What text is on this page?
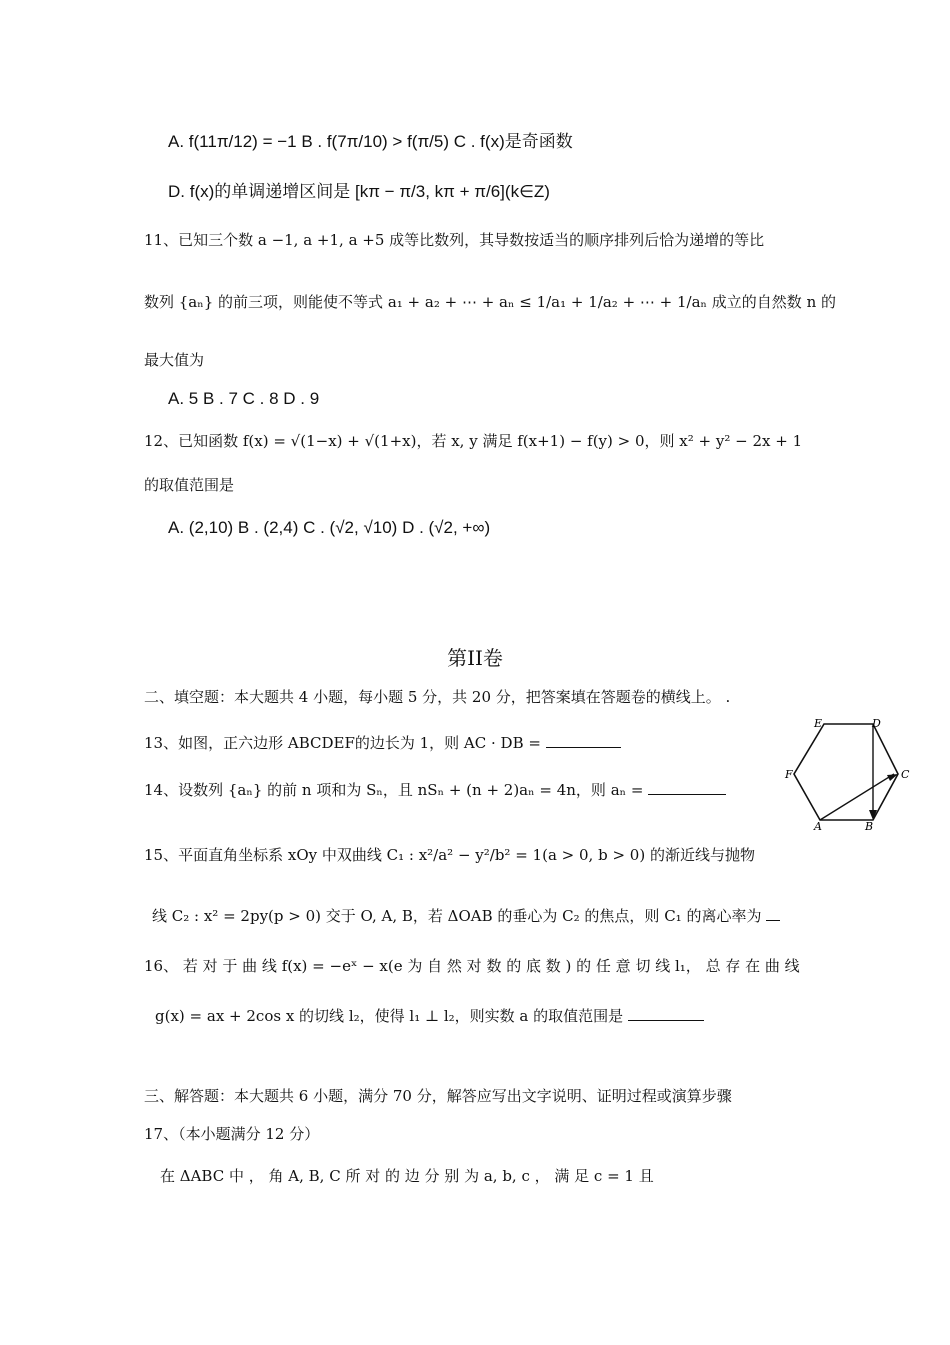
A. f(11π/12) = −1 B . f(7π/10) > f(π/5) C . f(x)是奇函数
D. f(x)的单调递增区间是 [kπ − π/3, kπ + π/6](k∈Z)
11、已知三个数 a −1, a +1, a +5 成等比数列，其导数按适当的顺序排列后恰为递增的等比
数列 {aₙ} 的前三项，则能使不等式 a₁ + a₂ + ⋯ + aₙ ≤ 1/a₁ + 1/a₂ + ⋯ + 1/aₙ 成立的自然数 n 的
最大值为
A. 5 B . 7 C . 8 D . 9
12、已知函数 f(x) = √(1−x) + √(1+x)，若 x, y 满足 f(x+1) − f(y) > 0，则 x² + y² − 2x + 1
的取值范围是
A. (2,10) B . (2,4) C . (√2, √10) D . (√2, +∞)
第II卷
二、填空题：本大题共 4 小题，每小题 5 分，共 20 分，把答案填在答题卷的横线上。 .
13、如图，正六边形 ABCDEF的边长为 1，则 AC · DB =
14、设数列 {aₙ} 的前 n 项和为 Sₙ，且 nSₙ + (n + 2)aₙ = 4n，则 aₙ =
15、平面直角坐标系 xOy 中双曲线 C₁ : x²/a² − y²/b² = 1(a > 0, b > 0) 的渐近线与抛物
线 C₂ : x² = 2py(p > 0) 交于 O, A, B，若 ΔOAB 的垂心为 C₂ 的焦点，则 C₁ 的离心率为
16、 若 对 于 曲 线 f(x) = −eˣ − x(e 为 自 然 对 数 的 底 数 ) 的 任 意 切 线 l₁， 总 存 在 曲 线
g(x) = ax + 2cos x 的切线 l₂，使得 l₁ ⊥ l₂，则实数 a 的取值范围是
三、解答题：本大题共 6 小题，满分 70 分，解答应写出文字说明、证明过程或演算步骤
17、（本小题满分 12 分）
在 ΔABC 中 ， 角 A, B, C 所 对 的 边 分 别 为 a, b, c ， 满 足 c = 1 且
E	D
F	C
A	B
